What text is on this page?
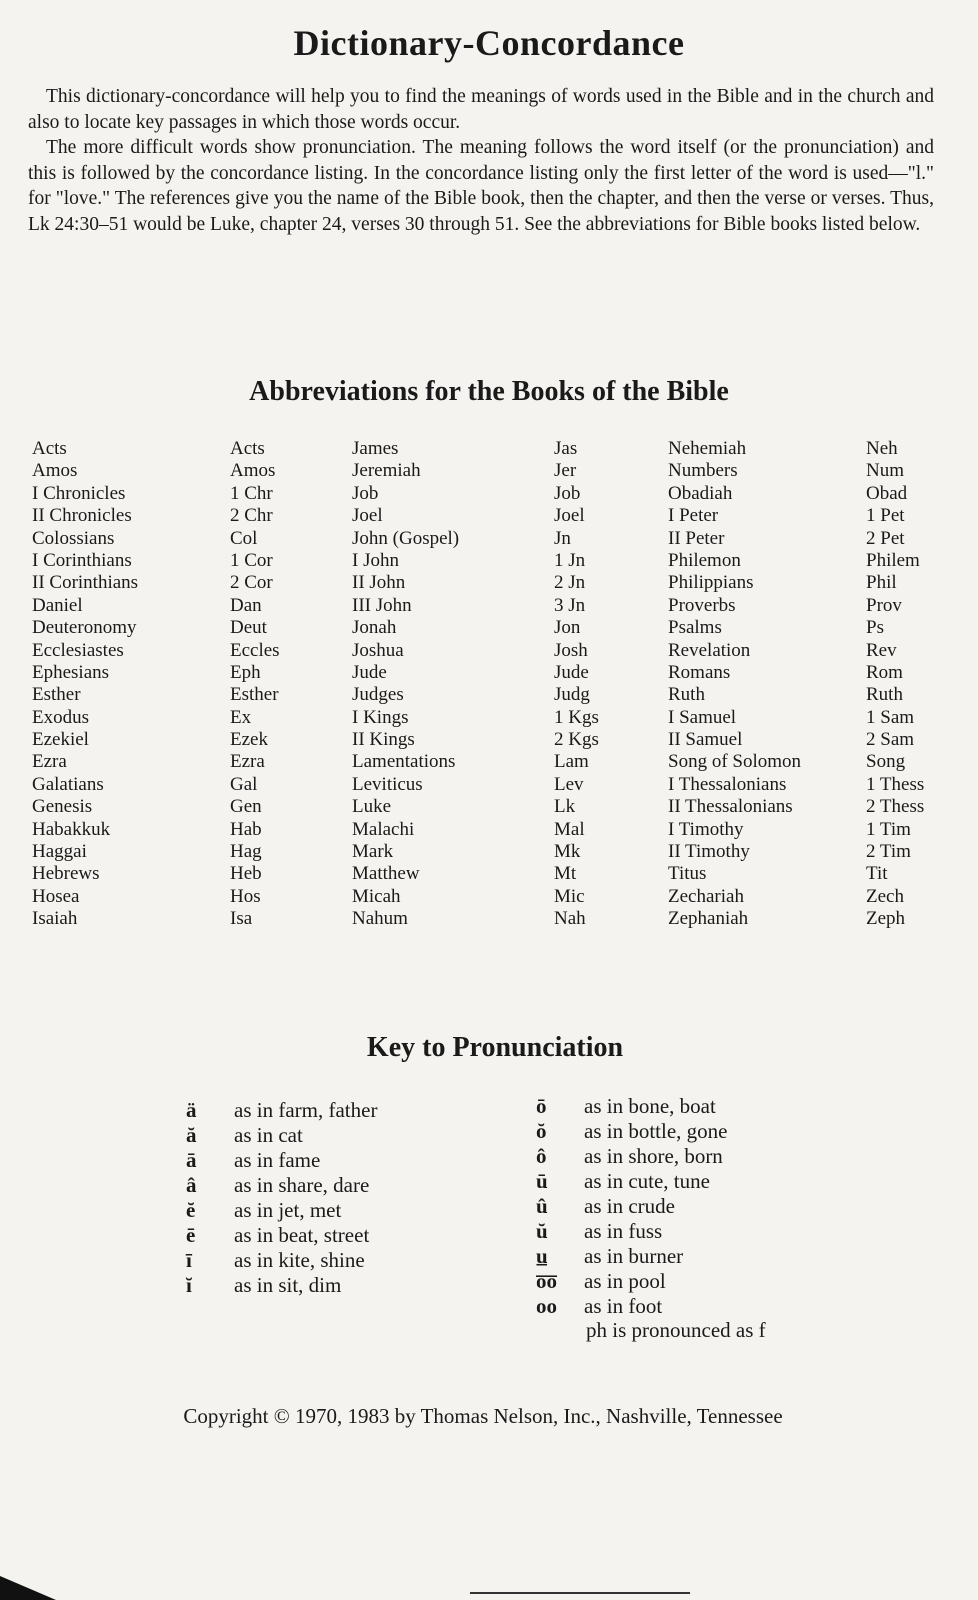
Dictionary-Concordance

This dictionary-concordance will help you to find the meanings of words used in the Bible and in the church and also to locate key passages in which those words occur.

The more difficult words show pronunciation. The meaning follows the word itself (or the pronunciation) and this is followed by the concordance listing. In the concordance listing only the first letter of the word is used—"l." for "love." The references give you the name of the Bible book, then the chapter, and then the verse or verses. Thus, Lk 24:30–51 would be Luke, chapter 24, verses 30 through 51. See the abbreviations for Bible books listed below.

Abbreviations for the Books of the Bible
Acts
Amos
I Chronicles
II Chronicles
Colossians
I Corinthians
II Corinthians
Daniel
Deuteronomy
Ecclesiastes
Ephesians
Esther
Exodus
Ezekiel
Ezra
Galatians
Genesis
Habakkuk
Haggai
Hebrews
Hosea
Isaiah
Acts
Amos
1 Chr
2 Chr
Col
1 Cor
2 Cor
Dan
Deut
Eccles
Eph
Esther
Ex
Ezek
Ezra
Gal
Gen
Hab
Hag
Heb
Hos
Isa
James
Jeremiah
Job
Joel
John (Gospel)
I John
II John
III John
Jonah
Joshua
Jude
Judges
I Kings
II Kings
Lamentations
Leviticus
Luke
Malachi
Mark
Matthew
Micah
Nahum
Jas
Jer
Job
Joel
Jn
1 Jn
2 Jn
3 Jn
Jon
Josh
Jude
Judg
1 Kgs
2 Kgs
Lam
Lev
Lk
Mal
Mk
Mt
Mic
Nah
Nehemiah
Numbers
Obadiah
I Peter
II Peter
Philemon
Philippians
Proverbs
Psalms
Revelation
Romans
Ruth
I Samuel
II Samuel
Song of Solomon
I Thessalonians
II Thessalonians
I Timothy
II Timothy
Titus
Zechariah
Zephaniah
Neh
Num
Obad
1 Pet
2 Pet
Philem
Phil
Prov
Ps
Rev
Rom
Ruth
1 Sam
2 Sam
Song
1 Thess
2 Thess
1 Tim
2 Tim
Tit
Zech
Zeph
Key to Pronunciation
ä as in farm, father
ă as in cat
ā as in fame
â as in share, dare
ĕ as in jet, met
ē as in beat, street
ī as in kite, shine
ĭ as in sit, dim
ō as in bone, boat
ŏ as in bottle, gone
ô as in shore, born
ū as in cute, tune
û as in crude
ŭ as in fuss
u̲ as in burner
o̅o̅ as in pool
oo as in foot
ph is pronounced as f
Copyright © 1970, 1983 by Thomas Nelson, Inc., Nashville, Tennessee
